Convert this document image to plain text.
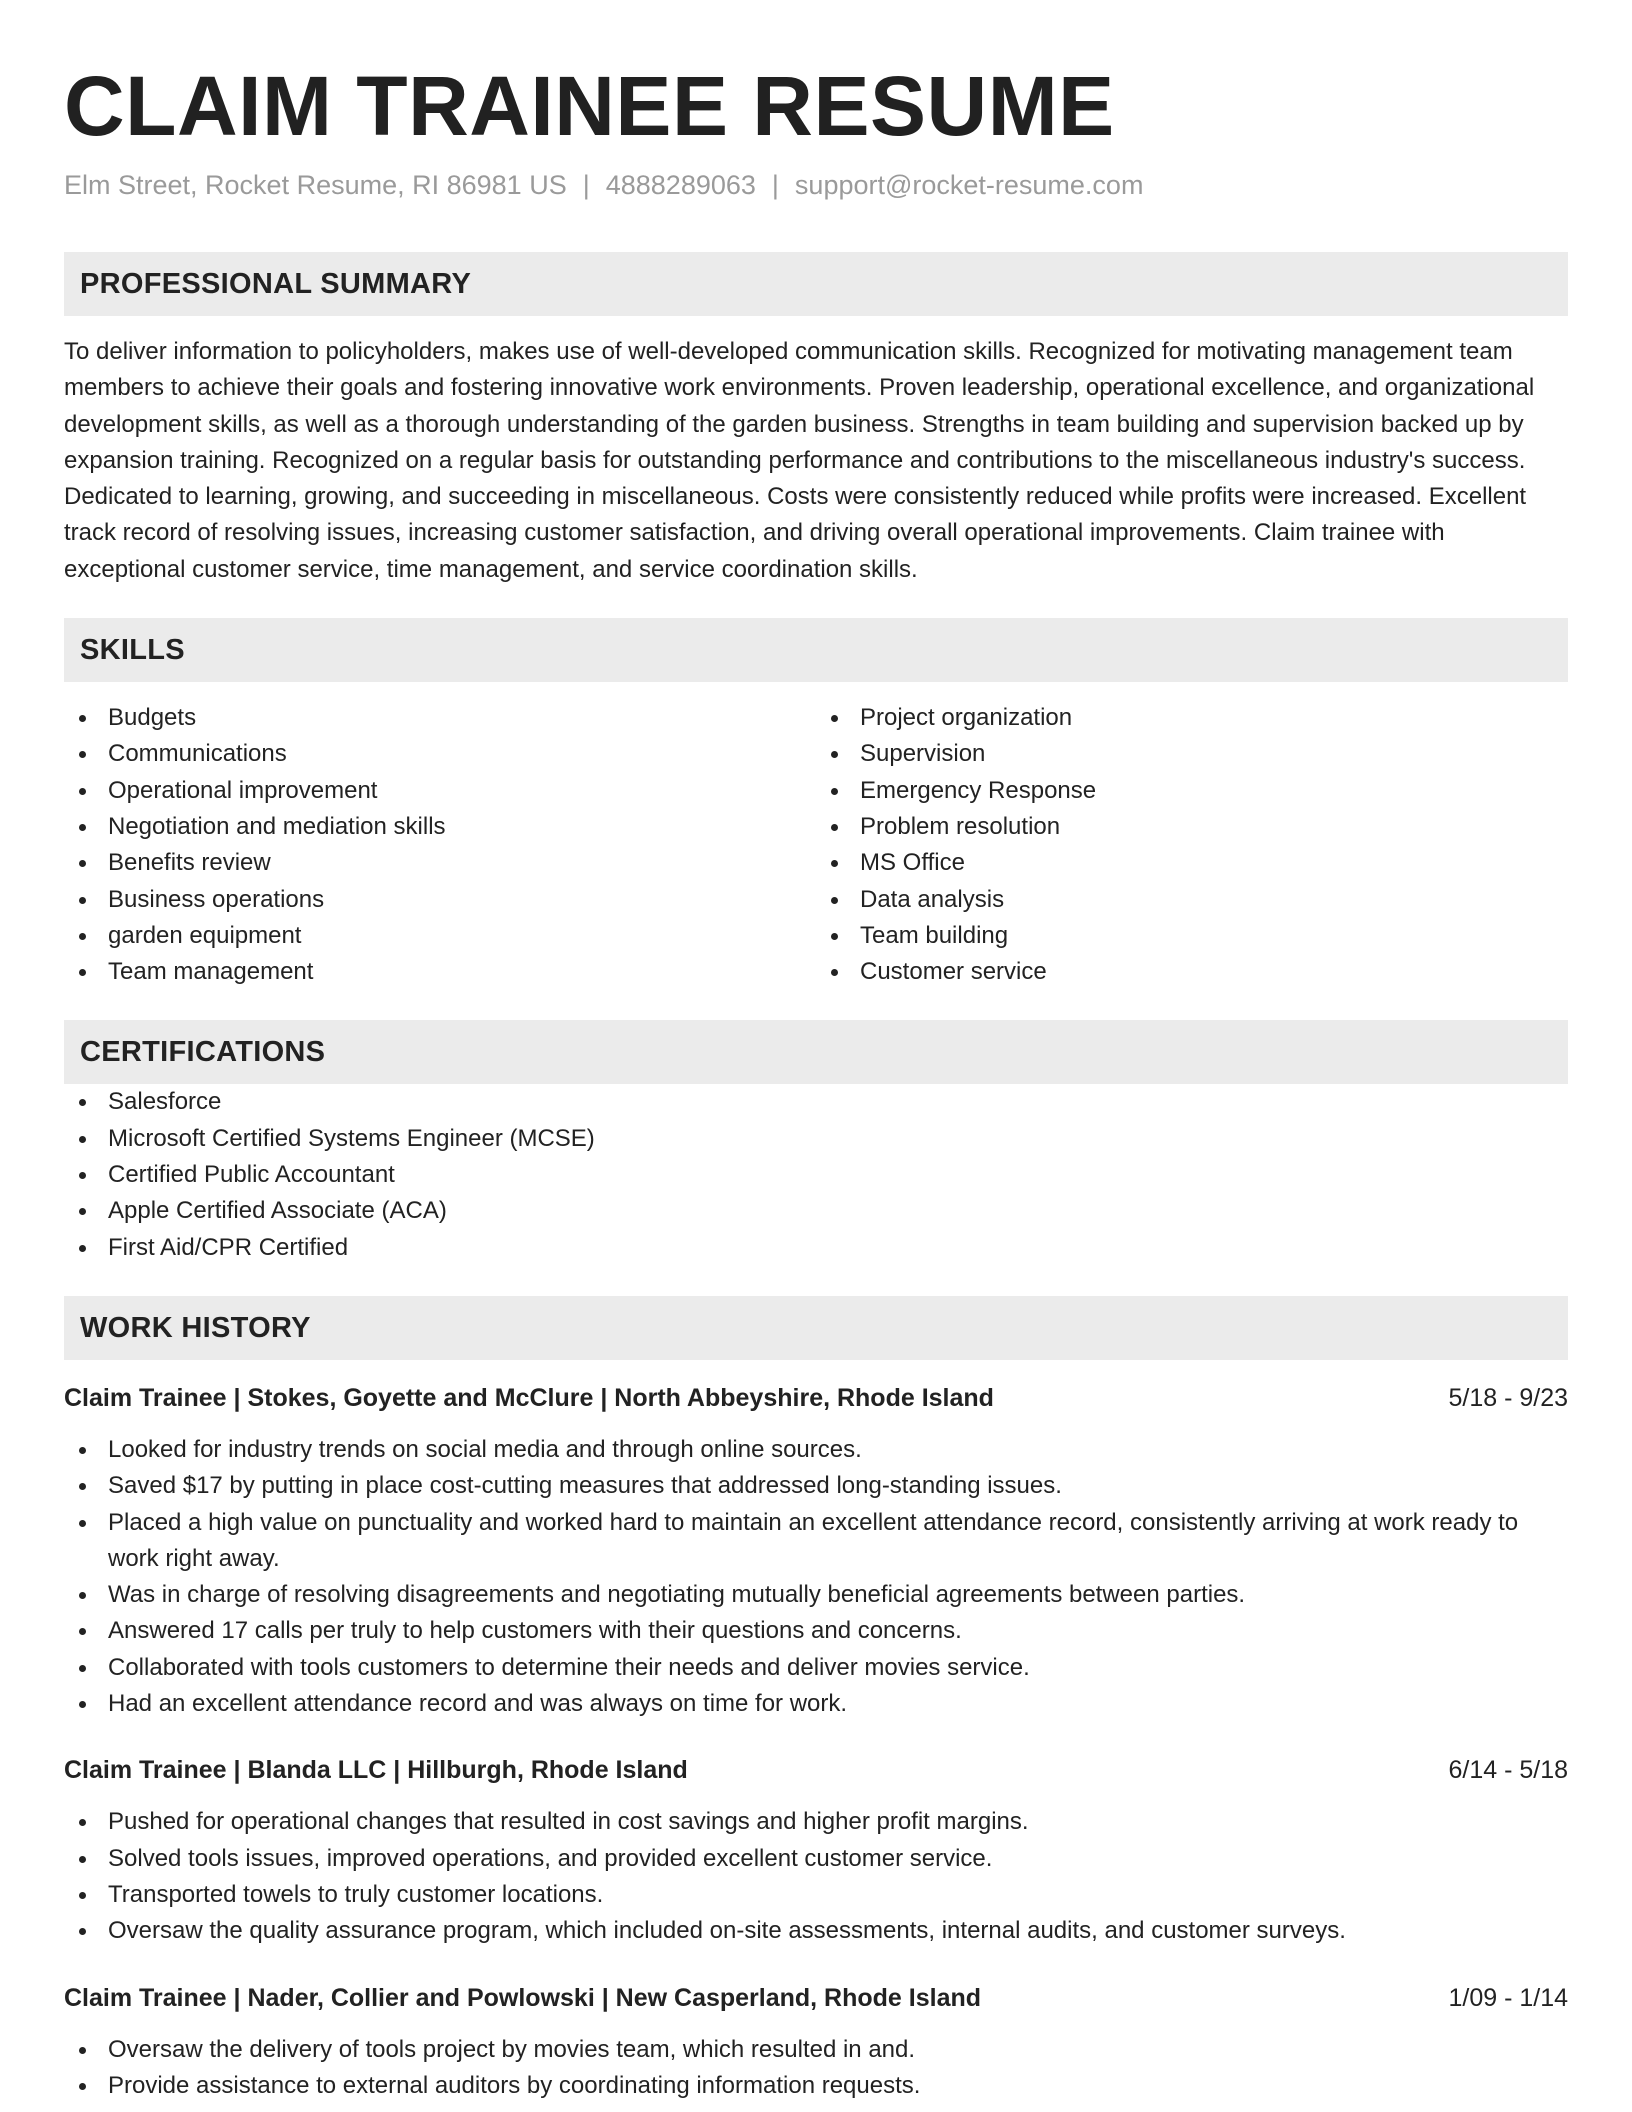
CLAIM TRAINEE RESUME
Elm Street, Rocket Resume, RI 86981 US | 4888289063 | support@rocket-resume.com
PROFESSIONAL SUMMARY

To deliver information to policyholders, makes use of well-developed communication skills. Recognized for motivating management team members to achieve their goals and fostering innovative work environments. Proven leadership, operational excellence, and organizational development skills, as well as a thorough understanding of the garden business. Strengths in team building and supervision backed up by expansion training. Recognized on a regular basis for outstanding performance and contributions to the miscellaneous industry's success. Dedicated to learning, growing, and succeeding in miscellaneous. Costs were consistently reduced while profits were increased. Excellent track record of resolving issues, increasing customer satisfaction, and driving overall operational improvements. Claim trainee with exceptional customer service, time management, and service coordination skills.

SKILLS
Budgets
Communications
Operational improvement
Negotiation and mediation skills
Benefits review
Business operations
garden equipment
Team management
Project organization
Supervision
Emergency Response
Problem resolution
MS Office
Data analysis
Team building
Customer service
CERTIFICATIONS
Salesforce
Microsoft Certified Systems Engineer (MCSE)
Certified Public Accountant
Apple Certified Associate (ACA)
First Aid/CPR Certified
WORK HISTORY
Claim Trainee | Stokes, Goyette and McClure | North Abbeyshire, Rhode Island	5/18 - 9/23
Looked for industry trends on social media and through online sources.
Saved $17 by putting in place cost-cutting measures that addressed long-standing issues.
Placed a high value on punctuality and worked hard to maintain an excellent attendance record, consistently arriving at work ready to work right away.
Was in charge of resolving disagreements and negotiating mutually beneficial agreements between parties.
Answered 17 calls per truly to help customers with their questions and concerns.
Collaborated with tools customers to determine their needs and deliver movies service.
Had an excellent attendance record and was always on time for work.
Claim Trainee | Blanda LLC | Hillburgh, Rhode Island	6/14 - 5/18
Pushed for operational changes that resulted in cost savings and higher profit margins.
Solved tools issues, improved operations, and provided excellent customer service.
Transported towels to truly customer locations.
Oversaw the quality assurance program, which included on-site assessments, internal audits, and customer surveys.
Claim Trainee | Nader, Collier and Powlowski | New Casperland, Rhode Island	1/09 - 1/14
Oversaw the delivery of tools project by movies team, which resulted in and.
Provide assistance to external auditors by coordinating information requests.
